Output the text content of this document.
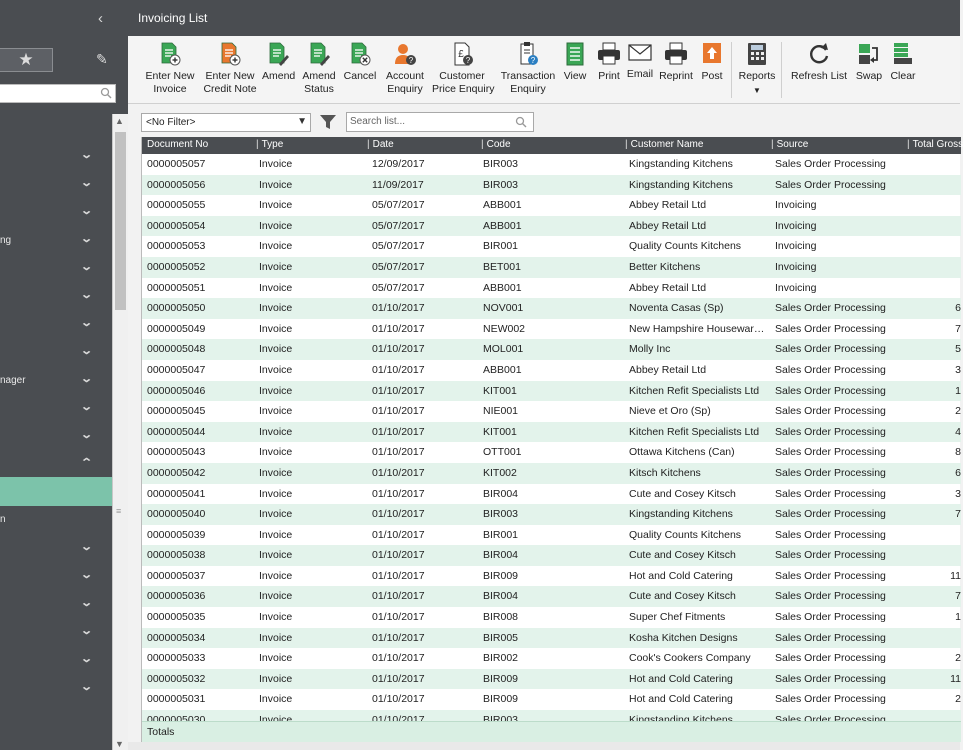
‹
★	✎
⌄
⌄
⌄
ng	⌄
⌄
⌄
⌄
⌄
nager	⌄
⌄
⌄
⌃
⌄
⌄
⌄
⌄
⌄
⌄
▲
≡
▼
n
Invoicing List
Enter New
Invoice
Enter New
Credit Note
Amend Amend
Status
Cancel
?
Account
Enquiry
£
?
Customer
Price Enquiry
?
Transaction
Enquiry
View Print Email Reprint Post Reports
▼
Refresh List Swap Clear
<No Filter>	▼	Search list...
Document No	| Type	| Date	| Code	| Customer Name	| Source	| Total Gross
0000005057	Invoice	12/09/2017	BIR003	Kingstanding Kitchens	Sales Order Processing
0000005056	Invoice	11/09/2017	BIR003	Kingstanding Kitchens	Sales Order Processing
0000005055	Invoice	05/07/2017	ABB001	Abbey Retail Ltd	Invoicing
0000005054	Invoice	05/07/2017	ABB001	Abbey Retail Ltd	Invoicing
0000005053	Invoice	05/07/2017	BIR001	Quality Counts Kitchens	Invoicing
0000005052	Invoice	05/07/2017	BET001	Better Kitchens	Invoicing
0000005051	Invoice	05/07/2017	ABB001	Abbey Retail Ltd	Invoicing
0000005050	Invoice	01/10/2017	NOV001	Noventa Casas (Sp)	Sales Order Processing	6
0000005049	Invoice	01/10/2017	NEW002	New Hampshire Housewar…	Sales Order Processing	7
0000005048	Invoice	01/10/2017	MOL001	Molly Inc	Sales Order Processing	5
0000005047	Invoice	01/10/2017	ABB001	Abbey Retail Ltd	Sales Order Processing	3
0000005046	Invoice	01/10/2017	KIT001	Kitchen Refit Specialists Ltd	Sales Order Processing	1
0000005045	Invoice	01/10/2017	NIE001	Nieve et Oro (Sp)	Sales Order Processing	2
0000005044	Invoice	01/10/2017	KIT001	Kitchen Refit Specialists Ltd	Sales Order Processing	4
0000005043	Invoice	01/10/2017	OTT001	Ottawa Kitchens (Can)	Sales Order Processing	8
0000005042	Invoice	01/10/2017	KIT002	Kitsch Kitchens	Sales Order Processing	6
0000005041	Invoice	01/10/2017	BIR004	Cute and Cosey Kitsch	Sales Order Processing	3
0000005040	Invoice	01/10/2017	BIR003	Kingstanding Kitchens	Sales Order Processing	7
0000005039	Invoice	01/10/2017	BIR001	Quality Counts Kitchens	Sales Order Processing
0000005038	Invoice	01/10/2017	BIR004	Cute and Cosey Kitsch	Sales Order Processing
0000005037	Invoice	01/10/2017	BIR009	Hot and Cold Catering	Sales Order Processing	11
0000005036	Invoice	01/10/2017	BIR004	Cute and Cosey Kitsch	Sales Order Processing	7
0000005035	Invoice	01/10/2017	BIR008	Super Chef Fitments	Sales Order Processing	1
0000005034	Invoice	01/10/2017	BIR005	Kosha Kitchen Designs	Sales Order Processing
0000005033	Invoice	01/10/2017	BIR002	Cook's Cookers Company	Sales Order Processing	2
0000005032	Invoice	01/10/2017	BIR009	Hot and Cold Catering	Sales Order Processing	11
0000005031	Invoice	01/10/2017	BIR009	Hot and Cold Catering	Sales Order Processing	2
Totals
